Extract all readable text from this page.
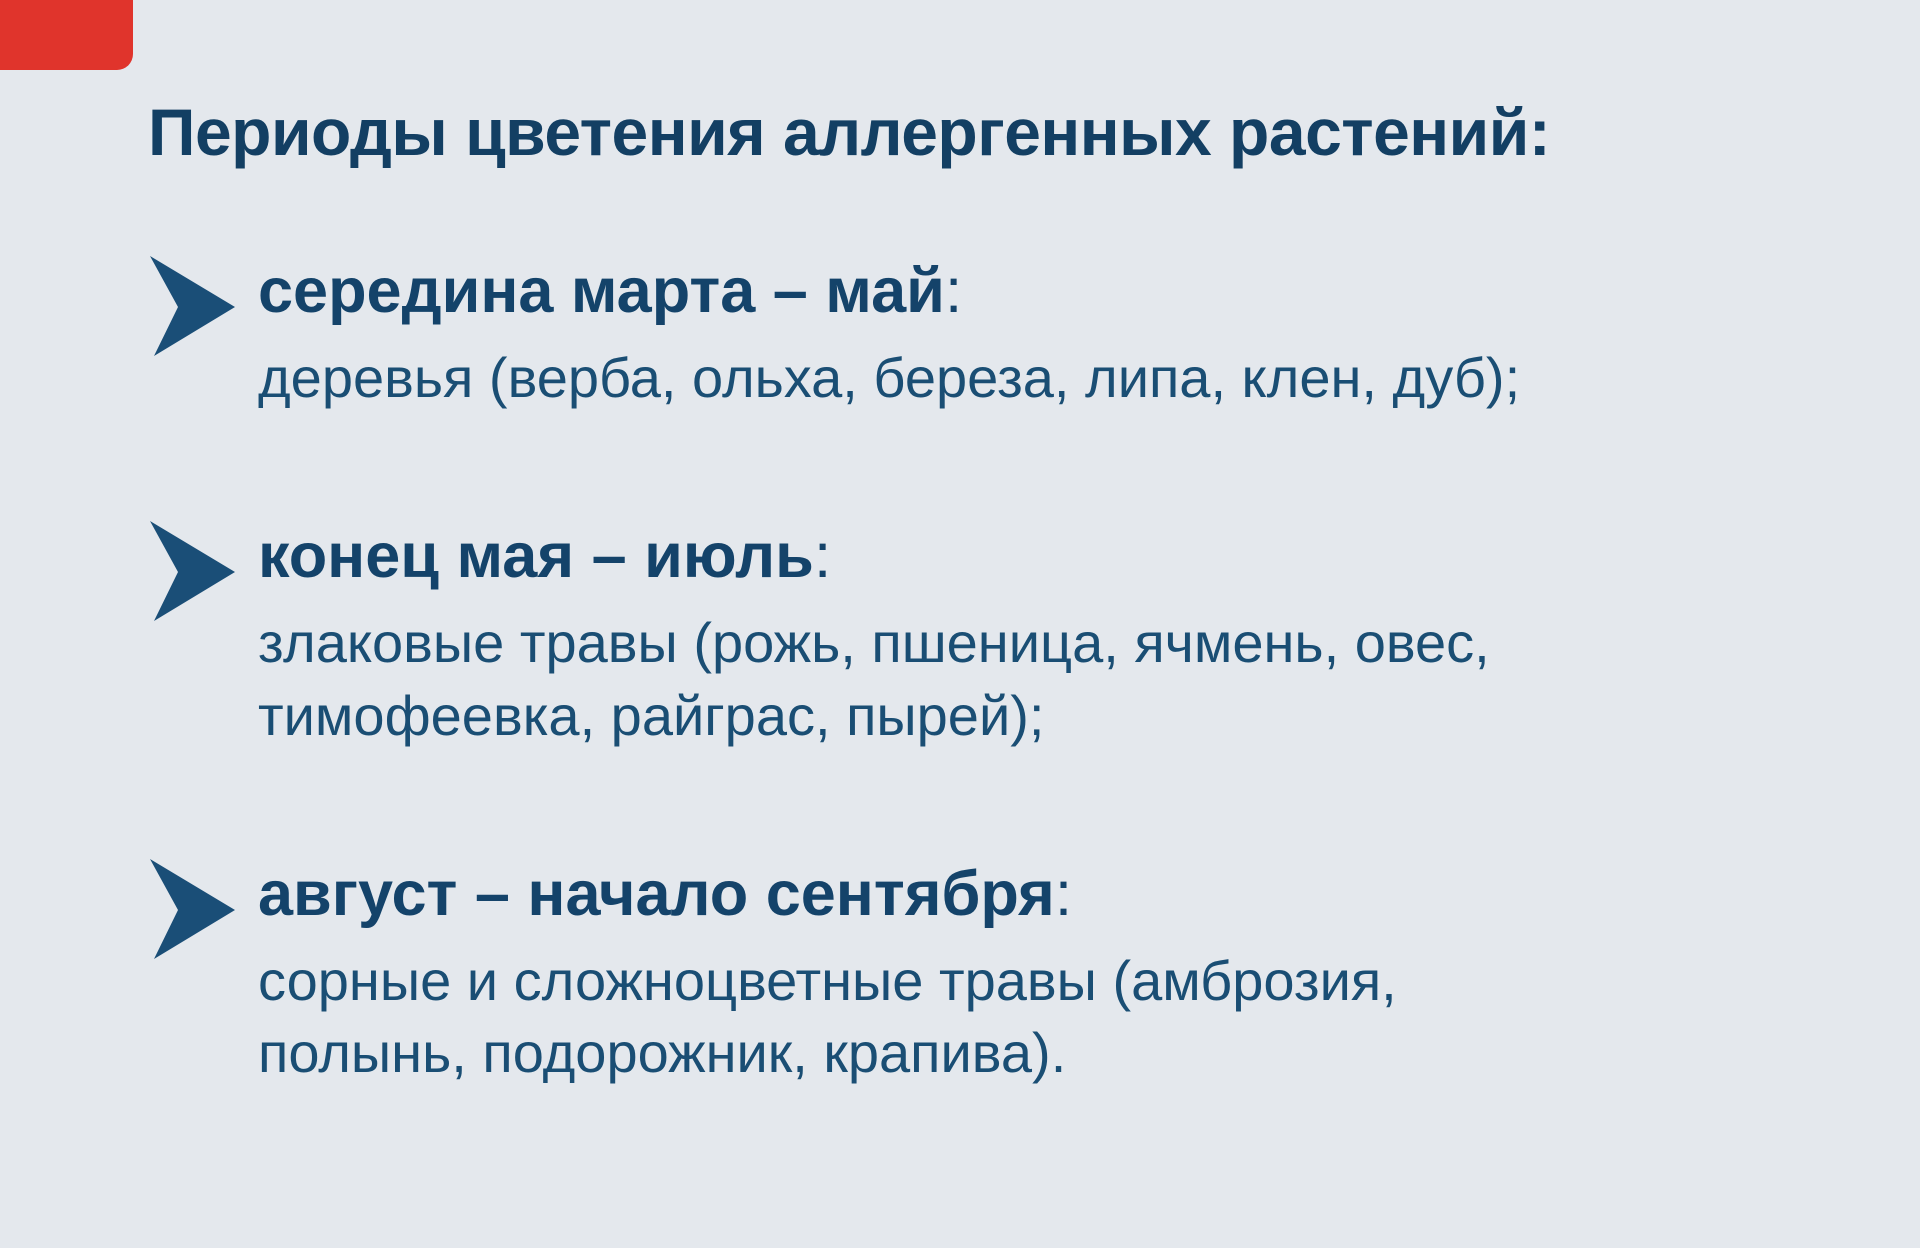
Периоды цветения аллергенных растений:
середина марта – май:
деревья (верба, ольха, береза, липа, клен, дуб);
конец мая – июль:
злаковые травы (рожь, пшеница, ячмень, овес,
тимофеевка, райграс, пырей);
август – начало сентября:
сорные и сложноцветные травы (амброзия,
полынь, подорожник, крапива).
